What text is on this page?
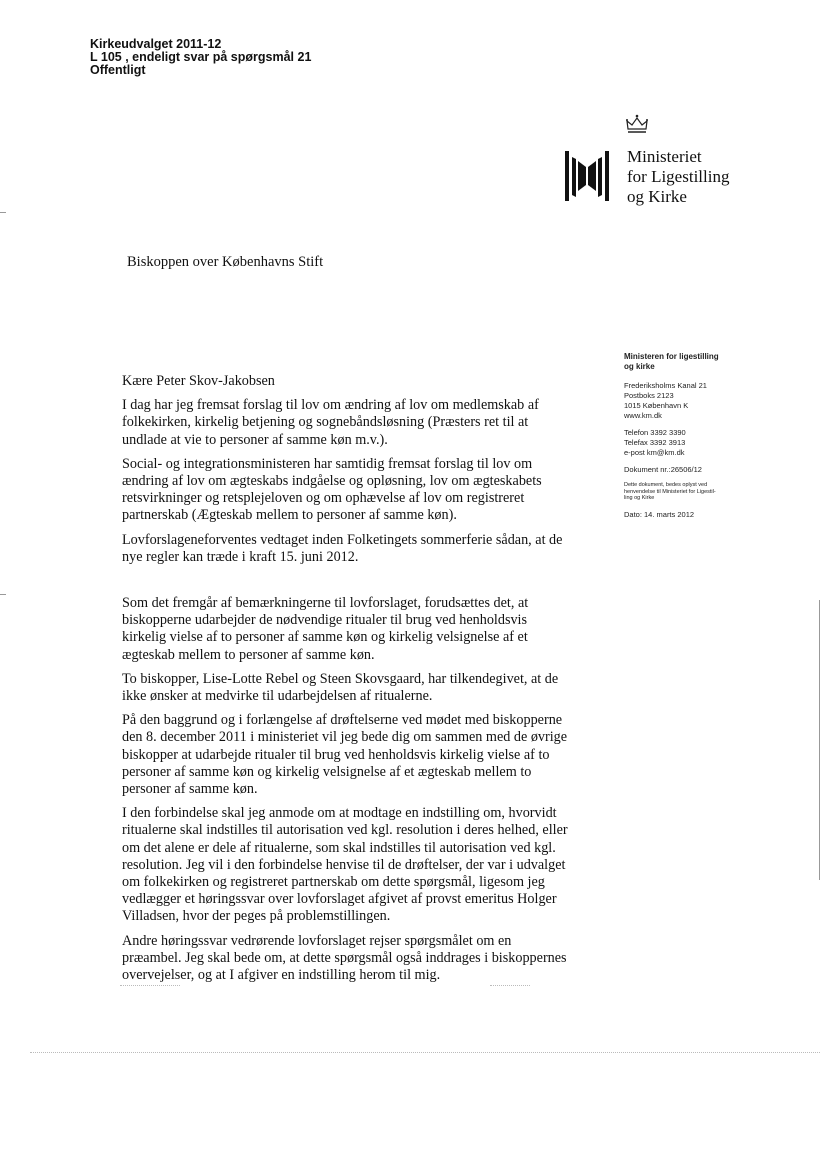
Kirkeudvalget 2011-12
L 105 , endeligt svar på spørgsmål 21
Offentligt
Ministeriet
for Ligestilling
og Kirke
Biskoppen over Københavns Stift
Ministeren for ligestilling
og kirke
Frederiksholms Kanal 21
Postboks 2123
1015 København K
www.km.dk
Telefon 3392 3390
Telefax 3392 3913
e-post km@km.dk
Dokument nr.:26506/12
Dette dokument, bedes oplyst ved
henvendelse til Ministeriet for Ligestil-
ling og Kirke
Dato: 14. marts 2012

Kære Peter Skov-Jakobsen

I dag har jeg fremsat forslag til lov om ændring af lov om medlemskab af folkekirken, kirkelig betjening og sognebåndsløsning (Præsters ret til at undlade at vie to personer af samme køn m.v.).

Social- og integrationsministeren har samtidig fremsat forslag til lov om ændring af lov om ægteskabs indgåelse og opløsning, lov om ægteskabets retsvirkninger og retsplejeloven og om ophævelse af lov om registreret partnerskab (Ægteskab mellem to personer af samme køn).

Lovforslageneforventes vedtaget inden Folketingets sommerferie sådan, at de nye regler kan træde i kraft 15. juni 2012.

Som det fremgår af bemærkningerne til lovforslaget, forudsættes det, at biskopperne udarbejder de nødvendige ritualer til brug ved henholdsvis kirkelig vielse af to personer af samme køn og kirkelig velsignelse af et ægteskab mellem to personer af samme køn.

To biskopper, Lise-Lotte Rebel og Steen Skovsgaard, har tilkendegivet, at de ikke ønsker at medvirke til udarbejdelsen af ritualerne.

På den baggrund og i forlængelse af drøftelserne ved mødet med biskopperne den 8. december 2011 i ministeriet vil jeg bede dig om sammen med de øvrige biskopper at udarbejde ritualer til brug ved henholdsvis kirkelig vielse af to personer af samme køn og kirkelig velsignelse af et ægteskab mellem to personer af samme køn.

I den forbindelse skal jeg anmode om at modtage en indstilling om, hvorvidt ritualerne skal indstilles til autorisation ved kgl. resolution i deres helhed, eller om det alene er dele af ritualerne, som skal indstilles til autorisation ved kgl. resolution. Jeg vil i den forbindelse henvise til de drøftelser, der var i udvalget om folkekirken og registreret partnerskab om dette spørgsmål, ligesom jeg vedlægger et høringssvar over lovforslaget afgivet af provst emeritus Holger Villadsen, hvor der peges på problemstillingen.

Andre høringssvar vedrørende lovforslaget rejser spørgsmålet om en præambel. Jeg skal bede om, at dette spørgsmål også inddrages i biskoppernes overvejelser, og at I afgiver en indstilling herom til mig.
